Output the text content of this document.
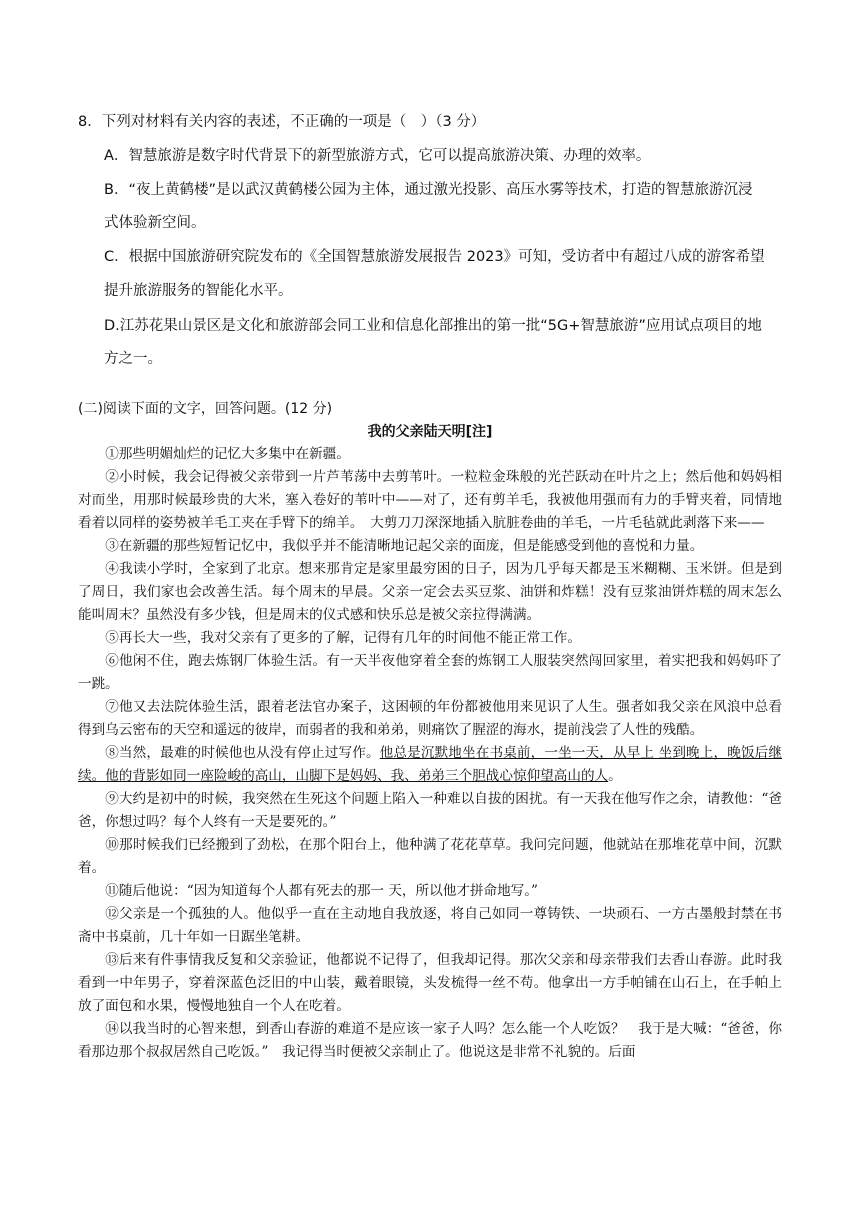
8．下列对材料有关内容的表述，不正确的一项是（　）（3 分）
A．智慧旅游是数字时代背景下的新型旅游方式，它可以提高旅游决策、办理的效率。
B．“夜上黄鹤楼”是以武汉黄鹤楼公园为主体，通过激光投影、高压水雾等技术，打造的智慧旅游沉浸
式体验新空间。
C．根据中国旅游研究院发布的《全国智慧旅游发展报告 2023》可知，受访者中有超过八成的游客希望
提升旅游服务的智能化水平。
D.江苏花果山景区是文化和旅游部会同工业和信息化部推出的第一批“5G+智慧旅游”应用试点项目的地
方之一。
(二)阅读下面的文字，回答问题。(12 分)
我的父亲陆天明[注]

①那些明媚灿烂的记忆大多集中在新疆。

②小时候，我会记得被父亲带到一片芦苇荡中去剪苇叶。一粒粒金珠般的光芒跃动在叶片之上；然后他和妈妈相对而坐，用那时候最珍贵的大米，塞入卷好的苇叶中——对了，还有剪羊毛，我被他用强而有力的手臂夹着，同情地看着以同样的姿势被羊毛工夹在手臂下的绵羊。　大剪刀刀深深地插入肮脏卷曲的羊毛，一片毛毡就此剥落下来——

③在新疆的那些短暂记忆中，我似乎并不能清晰地记起父亲的面庞，但是能感受到他的喜悦和力量。

④我读小学时，全家到了北京。想来那肯定是家里最穷困的日子，因为几乎每天都是玉米糊糊、玉米饼。但是到了周日，我们家也会改善生活。每个周末的早晨。父亲一定会去买豆浆、油饼和炸糕！没有豆浆油饼炸糕的周末怎么能叫周末？虽然没有多少钱，但是周末的仪式感和快乐总是被父亲拉得满满。

⑤再长大一些，我对父亲有了更多的了解，记得有几年的时间他不能正常工作。

⑥他闲不住，跑去炼钢厂体验生活。有一天半夜他穿着全套的炼钢工人服装突然闯回家里，着实把我和妈妈吓了一跳。

⑦他又去法院体验生活，跟着老法官办案子，这困顿的年份都被他用来见识了人生。强者如我父亲在风浪中总看得到乌云密布的天空和遥远的彼岸，而弱者的我和弟弟，则痛饮了腥涩的海水，提前浅尝了人性的残酷。

⑧当然，最难的时候他也从没有停止过写作。他总是沉默地坐在书桌前，一坐一天，从早上 坐到晚上，晚饭后继续。他的背影如同一座险峻的高山，山脚下是妈妈、我、弟弟三个胆战心惊仰望高山的人。

⑨大约是初中的时候，我突然在生死这个问题上陷入一种难以自拔的困扰。有一天我在他写作之余，请教他：“爸爸，你想过吗？每个人终有一天是要死的。”

⑩那时候我们已经搬到了劲松，在那个阳台上，他种满了花花草草。我问完问题，他就站在那堆花草中间，沉默着。

⑪随后他说：“因为知道每个人都有死去的那一 天，所以他才拼命地写。”

⑫父亲是一个孤独的人。他似乎一直在主动地自我放逐，将自己如同一尊铸铁、一块顽石、一方古墨般封禁在书斋中书桌前，几十年如一日踞坐笔耕。

⑬后来有件事情我反复和父亲验证，他都说不记得了，但我却记得。那次父亲和母亲带我们去香山春游。此时我看到一中年男子，穿着深蓝色泛旧的中山装，戴着眼镜，头发梳得一丝不苟。他拿出一方手帕铺在山石上，在手帕上放了面包和水果，慢慢地独自一个人在吃着。

⑭以我当时的心智来想，到香山春游的难道不是应该一家子人吗？怎么能一个人吃饭？　我于是大喊：“爸爸，你看那边那个叔叔居然自己吃饭。”　我记得当时便被父亲制止了。他说这是非常不礼貌的。后面
